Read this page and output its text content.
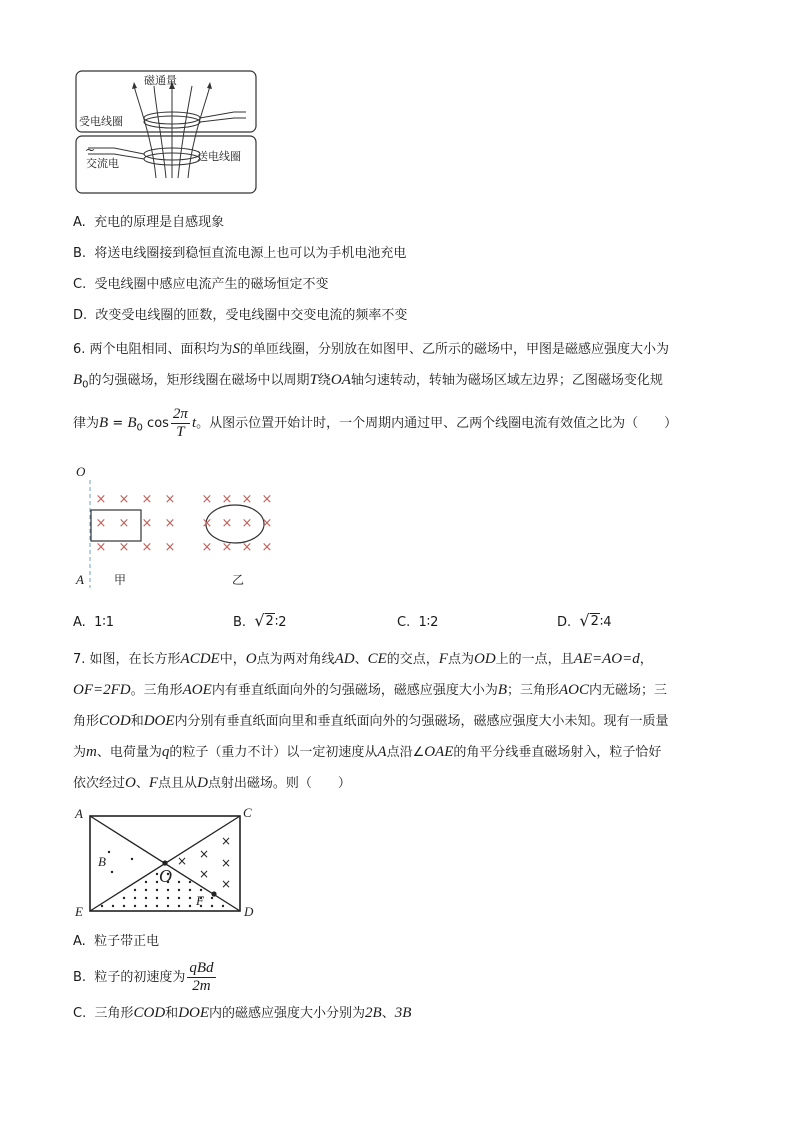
磁通量
受电线圈
~
交流电
送电线圈
A. 充电的原理是自感现象
B. 将送电线圈接到稳恒直流电源上也可以为手机电池充电
C. 受电线圈中感应电流产生的磁场恒定不变
D. 改变受电线圈的匝数，受电线圈中交变电流的频率不变
6. 两个电阻相同、面积均为S的单匝线圈，分别放在如图甲、乙所示的磁场中，甲图是磁感应强度大小为
$B_0$的匀强磁场，矩形线圈在磁场中以周期T绕OA轴匀速转动，转轴为磁场区域左边界；乙图磁场变化规
律为$B = B_0$ $\cos \frac{2\pi}{T}$ t。从图示位置开始计时，一个周期内通过甲、乙两个线圈电流有效值之比为（　　）
O
A	甲	乙
×
×
×
×
×
×
×
×
×
×
×
×
×
×
×
×
×
×
×
×
×
×
×
×
A. 1∶1	B. √ 2 ∶2	C. 1∶2	D. √ 2 ∶4
7. 如图，在长方形ACDE中，O点为两对角线AD、CE的交点，F点为OD上的一点，且AE=AO=d，
OF=2FD。三角形AOE内有垂直纸面向外的匀强磁场，磁感应强度大小为B；三角形AOC内无磁场；三
角形COD和DOE内分别有垂直纸面向里和垂直纸面向外的匀强磁场，磁感应强度大小未知。现有一质量
为m、电荷量为q的粒子（重力不计）以一定初速度从A点沿∠OAE的角平分线垂直磁场射入，粒子恰好
依次经过O、F点且从D点射出磁场。则（　　）
×
×
×
×
×
×
A	C
E	D
B
O
F
A. 粒子带正电
B. 粒子的初速度为 $\frac{\text{qBd}}{2m}$
C. 三角形COD和DOE内的磁感应强度大小分别为2B、3B
